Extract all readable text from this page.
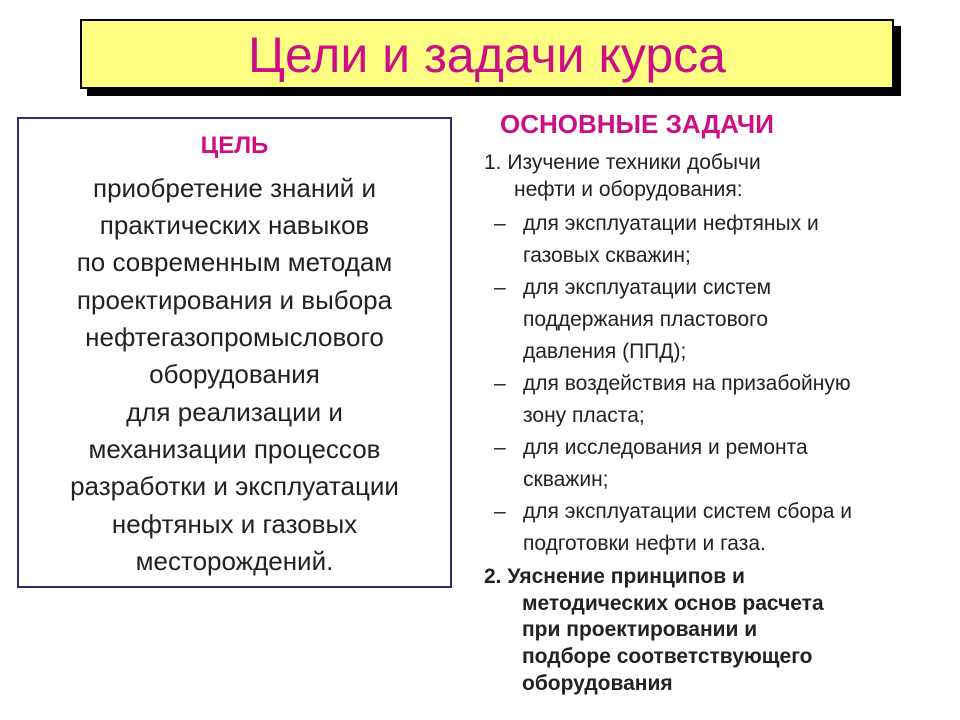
Цели и задачи курса
ЦЕЛЬ
приобретение знаний и
практических навыков
по современным методам
проектирования и выбора
нефтегазопромыслового
оборудования
для реализации и
механизации процессов
разработки и эксплуатации
нефтяных и газовых
месторождений.
ОСНОВНЫЕ ЗАДАЧИ
1. Изучение техники добычи
нефти и оборудования:
– для эксплуатации нефтяных и
газовых скважин;
– для эксплуатации систем
поддержания пластового
давления (ППД);
– для воздействия на призабойную
зону пласта;
– для исследования и ремонта
скважин;
– для эксплуатации систем сбора и
подготовки нефти и газа.
2. Уяснение принципов и
методических основ расчета
при проектировании и
подборе соответствующего
оборудования
